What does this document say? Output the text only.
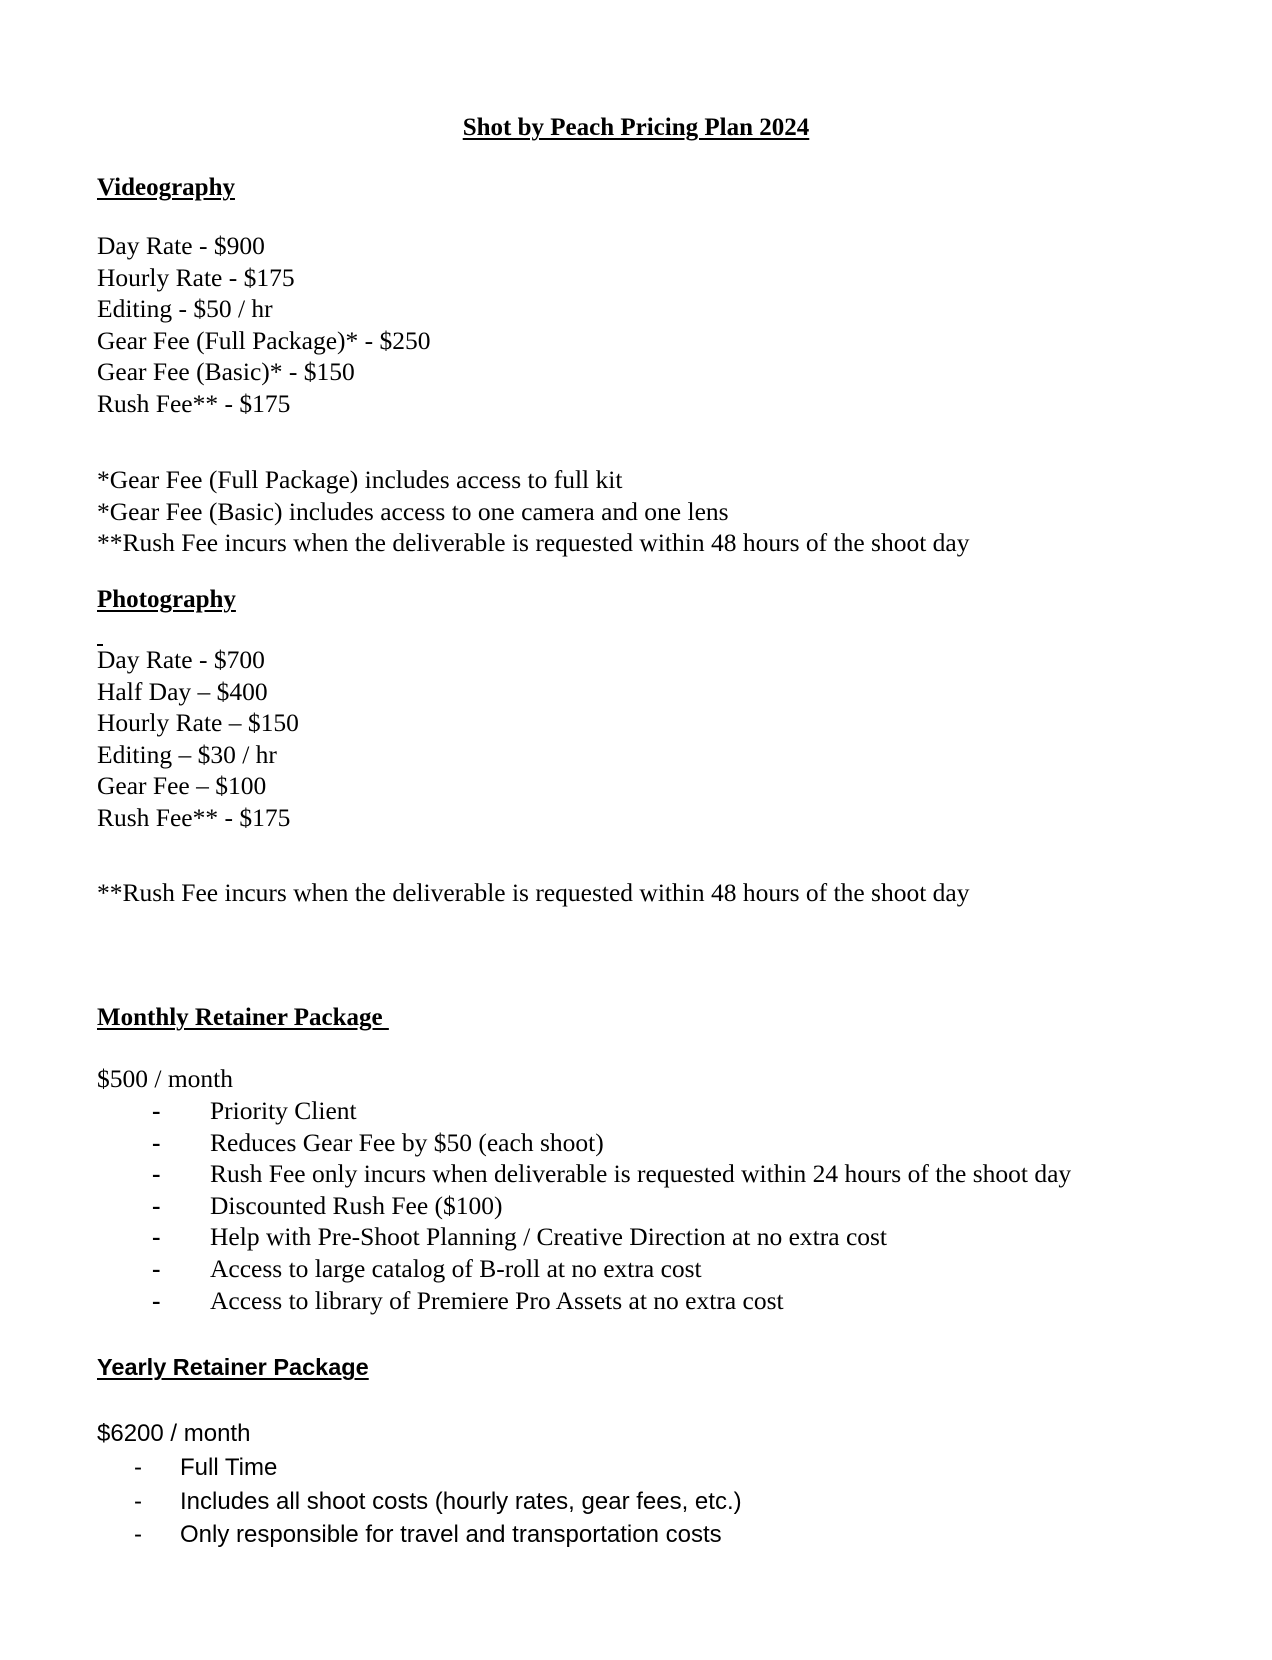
Shot by Peach Pricing Plan 2024
Videography
Day Rate - $900
Hourly Rate - $175
Editing - $50 / hr
Gear Fee (Full Package)* - $250
Gear Fee (Basic)* - $150
Rush Fee** - $175
*Gear Fee (Full Package) includes access to full kit
*Gear Fee (Basic) includes access to one camera and one lens
**Rush Fee incurs when the deliverable is requested within 48 hours of the shoot day
Photography
Day Rate - $700
Half Day – $400
Hourly Rate – $150
Editing – $30 / hr
Gear Fee – $100
Rush Fee** - $175
**Rush Fee incurs when the deliverable is requested within 48 hours of the shoot day
Monthly Retainer Package
$500 / month
- Priority Client
- Reduces Gear Fee by $50 (each shoot)
- Rush Fee only incurs when deliverable is requested within 24 hours of the shoot day
- Discounted Rush Fee ($100)
- Help with Pre-Shoot Planning / Creative Direction at no extra cost
- Access to large catalog of B-roll at no extra cost
- Access to library of Premiere Pro Assets at no extra cost
Yearly Retainer Package
$6200 / month
- Full Time
- Includes all shoot costs (hourly rates, gear fees, etc.)
- Only responsible for travel and transportation costs
